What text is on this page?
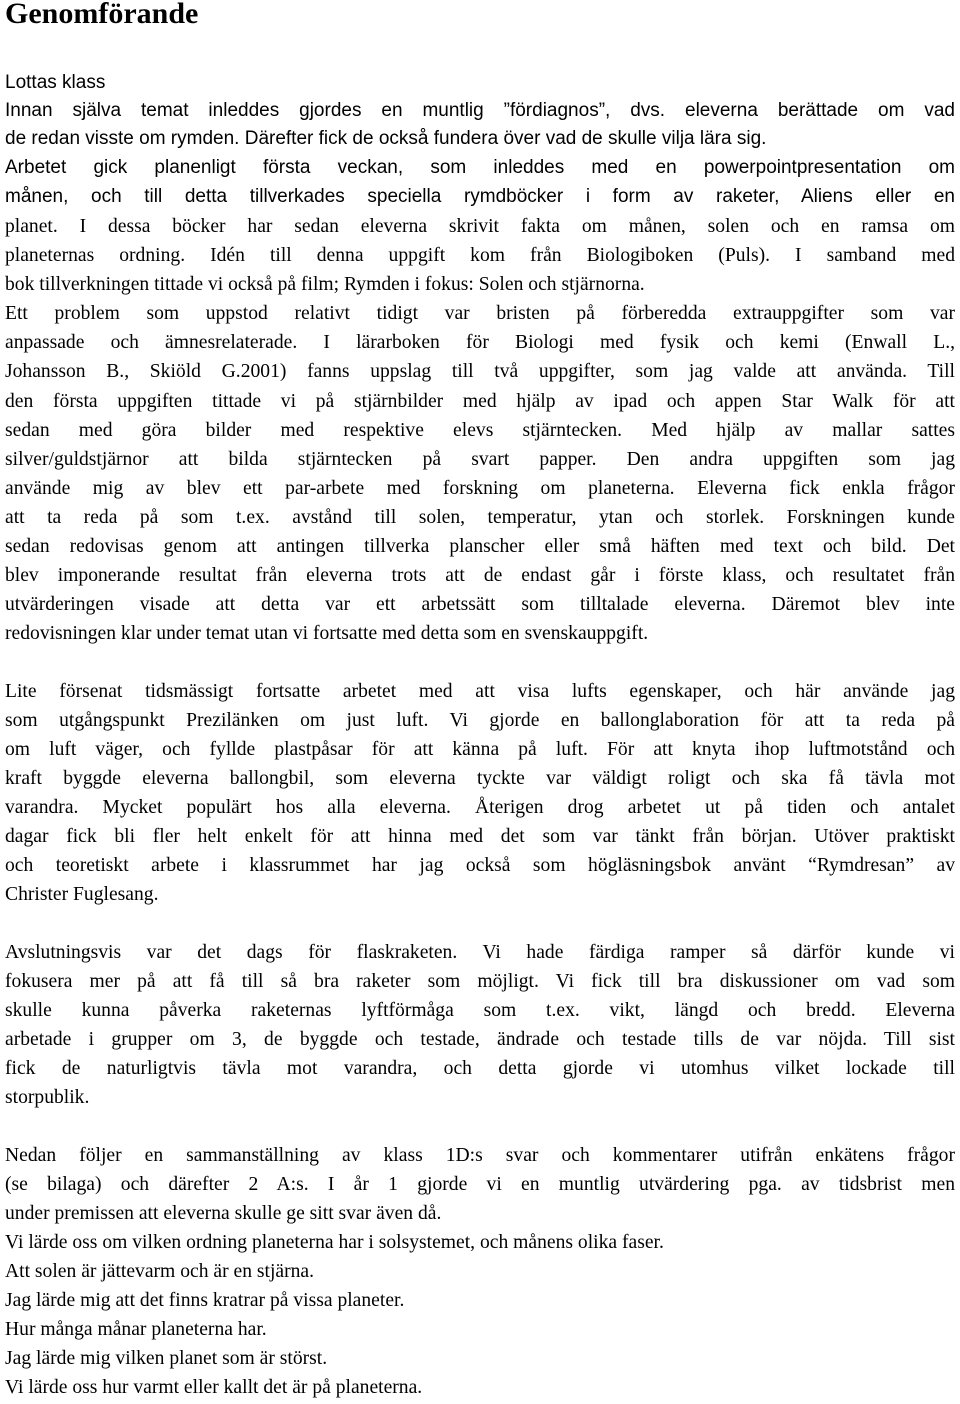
Genomförande
Lottas klass
Innan själva temat inleddes gjordes en muntlig ”fördiagnos”, dvs. eleverna berättade om vad
de redan visste om rymden. Därefter fick de också fundera över vad de skulle vilja lära sig.
Arbetet gick planenligt första veckan, som inleddes med en powerpointpresentation om
månen, och till detta tillverkades speciella rymdböcker i form av raketer, Aliens eller en
planet. I dessa böcker har sedan eleverna skrivit fakta om månen, solen och en ramsa om
planeternas ordning. Idén till denna uppgift kom från Biologiboken (Puls). I samband med
bok tillverkningen tittade vi också på film; Rymden i fokus: Solen och stjärnorna.
Ett problem som uppstod relativt tidigt var bristen på förberedda extrauppgifter som var
anpassade och ämnesrelaterade. I lärarboken för Biologi med fysik och kemi (Enwall L.,
Johansson B., Skiöld G.2001) fanns uppslag till två uppgifter, som jag valde att använda. Till
den första uppgiften tittade vi på stjärnbilder med hjälp av ipad och appen Star Walk för att
sedan med göra bilder med respektive elevs stjärntecken. Med hjälp av mallar sattes
silver/guldstjärnor att bilda stjärntecken på svart papper. Den andra uppgiften som jag
använde mig av blev ett par-arbete med forskning om planeterna. Eleverna fick enkla frågor
att ta reda på som t.ex. avstånd till solen, temperatur, ytan och storlek. Forskningen kunde
sedan redovisas genom att antingen tillverka planscher eller små häften med text och bild. Det
blev imponerande resultat från eleverna trots att de endast går i förste klass, och resultatet från
utvärderingen visade att detta var ett arbetssätt som tilltalade eleverna. Däremot blev inte
redovisningen klar under temat utan vi fortsatte med detta som en svenskauppgift.
Lite försenat tidsmässigt fortsatte arbetet med att visa lufts egenskaper, och här använde jag
som utgångspunkt Prezilänken om just luft. Vi gjorde en ballonglaboration för att ta reda på
om luft väger, och fyllde plastpåsar för att känna på luft. För att knyta ihop luftmotstånd och
kraft byggde eleverna ballongbil, som eleverna tyckte var väldigt roligt och ska få tävla mot
varandra. Mycket populärt hos alla eleverna. Återigen drog arbetet ut på tiden och antalet
dagar fick bli fler helt enkelt för att hinna med det som var tänkt från början. Utöver praktiskt
och teoretiskt arbete i klassrummet har jag också som högläsningsbok använt “Rymdresan” av
Christer Fuglesang.
Avslutningsvis var det dags för flaskraketen. Vi hade färdiga ramper så därför kunde vi
fokusera mer på att få till så bra raketer som möjligt. Vi fick till bra diskussioner om vad som
skulle kunna påverka raketernas lyftförmåga som t.ex. vikt, längd och bredd. Eleverna
arbetade i grupper om 3, de byggde och testade, ändrade och testade tills de var nöjda. Till sist
fick de naturligtvis tävla mot varandra, och detta gjorde vi utomhus vilket lockade till
storpublik.
Nedan följer en sammanställning av klass 1D:s svar och kommentarer utifrån enkätens frågor
(se bilaga) och därefter 2 A:s. I år 1 gjorde vi en muntlig utvärdering pga. av tidsbrist men
under premissen att eleverna skulle ge sitt svar även då.
Vi lärde oss om vilken ordning planeterna har i solsystemet, och månens olika faser.
Att solen är jättevarm och är en stjärna.
Jag lärde mig att det finns kratrar på vissa planeter.
Hur många månar planeterna har.
Jag lärde mig vilken planet som är störst.
Vi lärde oss hur varmt eller kallt det är på planeterna.
